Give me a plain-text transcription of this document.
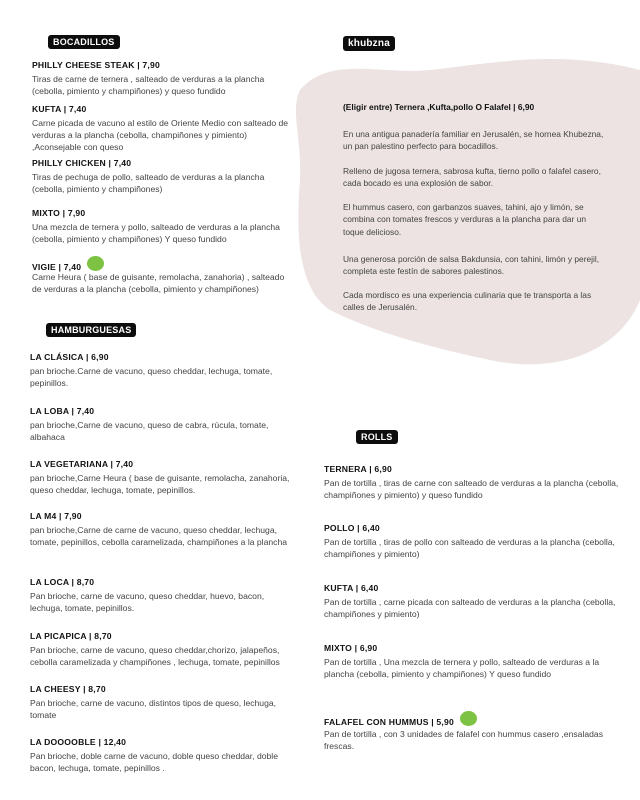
BOCADILLOS
HAMBURGUESAS
khubzna
ROLLS
(Eligir entre) Ternera ,Kufta,pollo O Falafel | 6,90
PHILLY CHEESE STEAK | 7,90
Tiras de carne de ternera , salteado de verduras a la plancha (cebolla, pimiento y champiñones) y queso fundido
KUFTA | 7,40
Carne picada de vacuno al estilo de Oriente Medio con salteado de verduras a la plancha (cebolla, champiñones y pimiento) ,Aconsejable con queso
PHILLY CHICKEN | 7,40
Tiras de pechuga de pollo, salteado de verduras a la plancha (cebolla, pimiento y champiñones)
MIXTO | 7,90
Una mezcla de ternera y pollo, salteado de verduras a la plancha (cebolla, pimiento y champiñones) Y queso fundido
VIGIE | 7,40
Carne Heura ( base de guisante, remolacha, zanahoria) , salteado de verduras a la plancha (cebolla, pimiento y champiñones)
LA CLÁSICA | 6,90
pan brioche.Carne de vacuno, queso cheddar, lechuga, tomate, pepinillos.
LA LOBA | 7,40
pan brioche,Carne de vacuno, queso de cabra, rúcula, tomate, albahaca
LA VEGETARIANA | 7,40
pan brioche,Carne Heura ( base de guisante, remolacha, zanahoria, queso cheddar, lechuga, tomate, pepinillos.
LA M4 | 7,90
pan brioche,Carne de carne de vacuno, queso cheddar, lechuga, tomate, pepinillos, cebolla caramelizada, champiñones a la plancha
LA LOCA | 8,70
Pan brioche, carne de vacuno, queso cheddar, huevo, bacon, lechuga, tomate, pepinillos.
LA PICAPICA | 8,70
Pan brioche, carne de vacuno, queso cheddar,chorizo, jalapeños, cebolla caramelizada y champiñones , lechuga, tomate, pepinillos
LA CHEESY | 8,70
Pan brioche, carne de vacuno, distintos tipos de queso, lechuga, tomate
LA DOOOOBLE | 12,40
Pan brioche, doble carne de vacuno, doble queso cheddar, doble bacon, lechuga, tomate, pepinillos .
TERNERA | 6,90
Pan de tortilla , tiras de carne con salteado de verduras a la plancha (cebolla, champiñones y pimiento) y queso fundido
POLLO | 6,40
Pan de tortilla , tiras de pollo con salteado de verduras a la plancha (cebolla, champiñones y pimiento)
KUFTA | 6,40
Pan de tortilla , carne picada con salteado de verduras a la plancha (cebolla, champiñones y pimiento)
MIXTO | 6,90
Pan de tortilla , Una mezcla de ternera y pollo, salteado de verduras a la plancha (cebolla, pimiento y champiñones) Y queso fundido
FALAFEL CON HUMMUS | 5,90
Pan de tortilla , con 3 unidades de falafel con hummus casero ,ensaladas frescas.
En una antigua panadería familiar en Jerusalén, se hornea Khubezna, un pan palestino perfecto para bocadillos.
Relleno de jugosa ternera, sabrosa kufta, tierno pollo o falafel casero, cada bocado es una explosión de sabor.
El hummus casero, con garbanzos suaves, tahini, ajo y limón, se combina con tomates frescos y verduras a la plancha para dar un toque delicioso.
Una generosa porción de salsa Bakdunsia, con tahini, limón y perejil, completa este festín de sabores palestinos.
Cada mordisco es una experiencia culinaria que te transporta a las calles de Jerusalén.
